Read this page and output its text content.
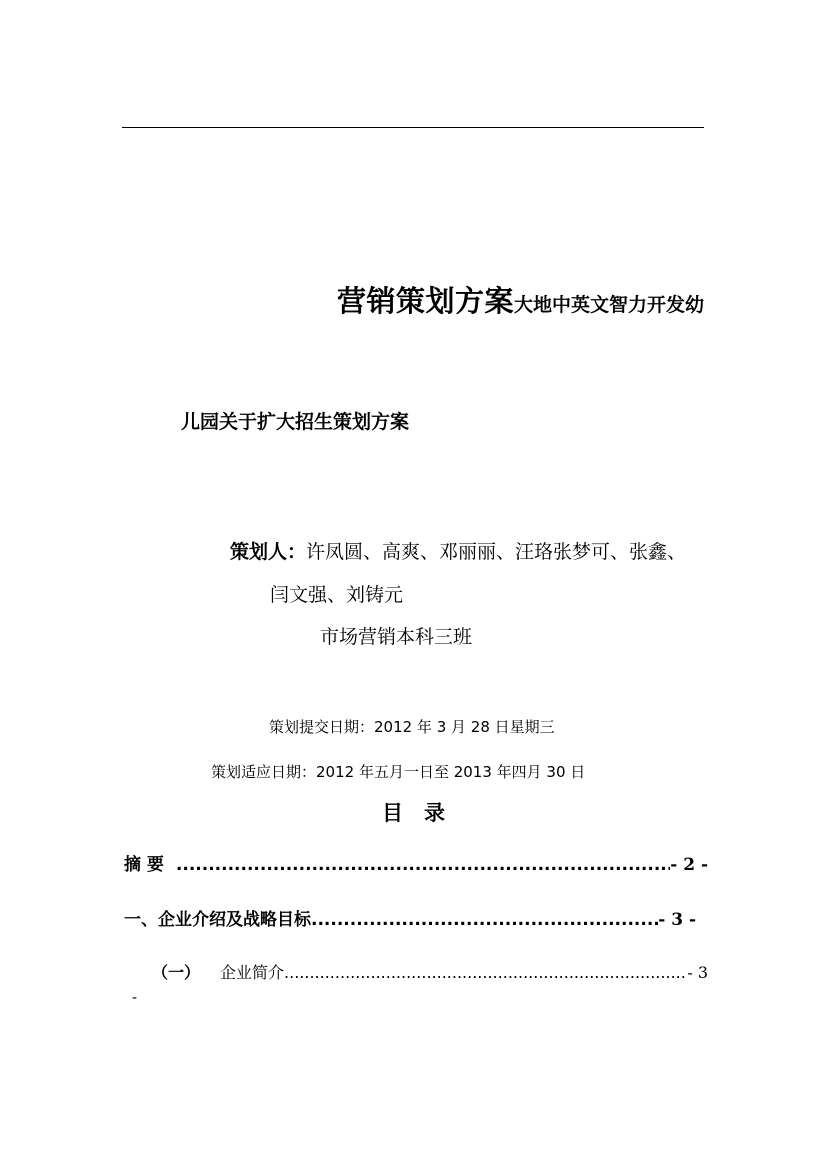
营销策划方案大地中英文智力开发幼
儿园关于扩大招生策划方案
策划人：许凤圆、高爽、邓丽丽、汪珞张梦可、张鑫、
闫文强、刘铸元
市场营销本科三班
策划提交日期：2012 年 3 月 28 日星期三
策划适应日期：2012 年五月一日至 2013 年四月 30 日
目　录
摘 要 .....	- 2 -
一、企业介绍及战略目标 .....	- 3 -
（一） 企业简介 .....	- 3
-
